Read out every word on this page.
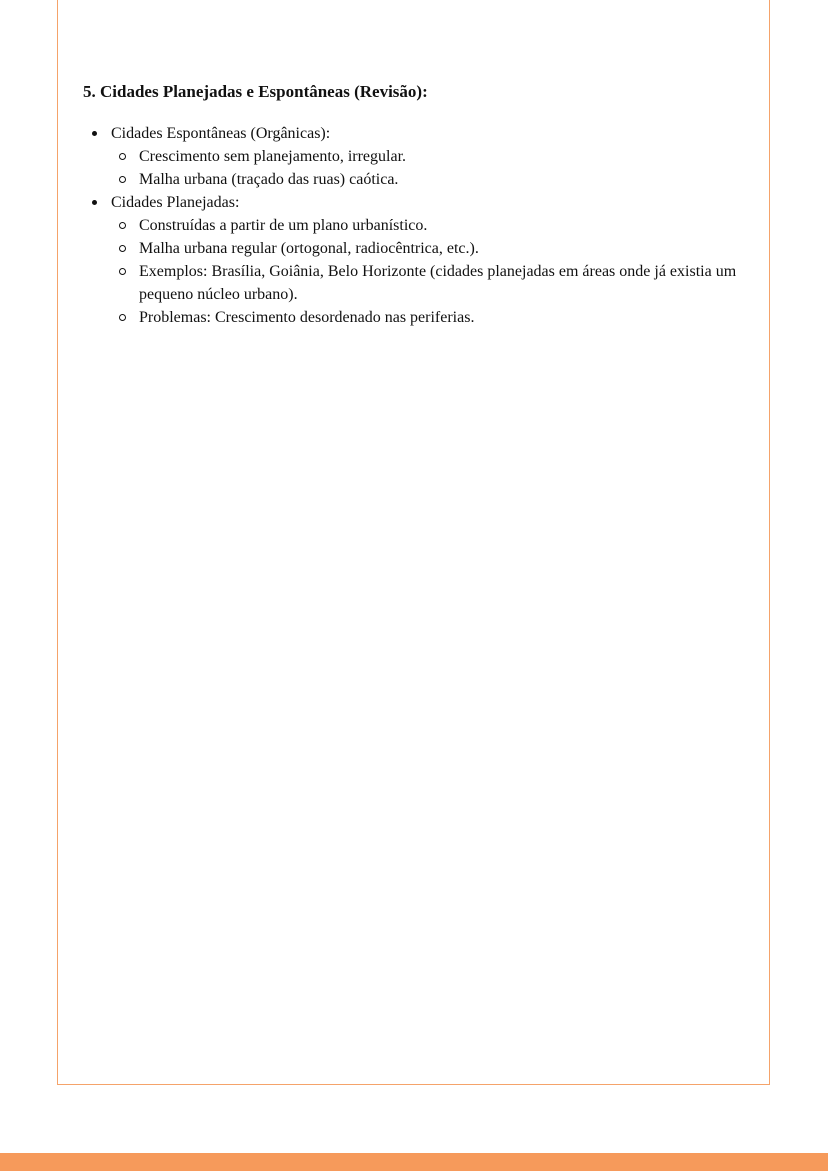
5. Cidades Planejadas e Espontâneas (Revisão):
Cidades Espontâneas (Orgânicas):
Crescimento sem planejamento, irregular.
Malha urbana (traçado das ruas) caótica.
Cidades Planejadas:
Construídas a partir de um plano urbanístico.
Malha urbana regular (ortogonal, radiocêntrica, etc.).
Exemplos: Brasília, Goiânia, Belo Horizonte (cidades planejadas em áreas onde já existia um pequeno núcleo urbano).
Problemas: Crescimento desordenado nas periferias.
